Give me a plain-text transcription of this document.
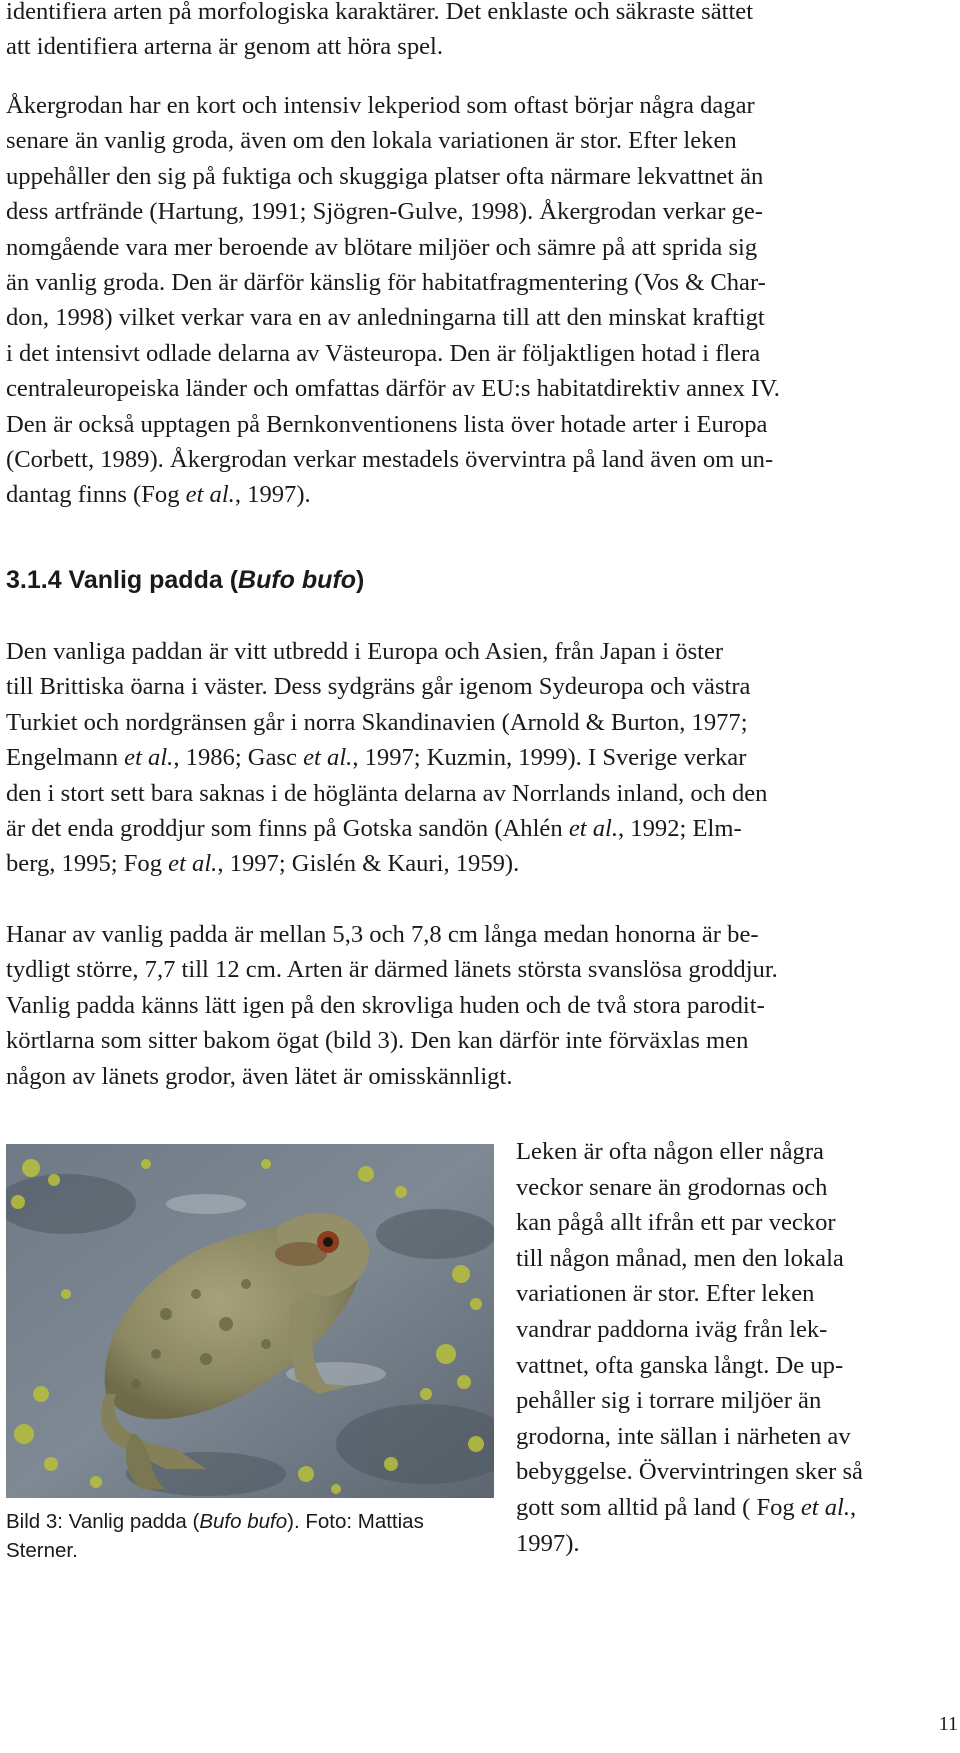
identifiera arten på morfologiska karaktärer. Det enklaste och säkraste sättet
att identifiera arterna är genom att höra spel.

Åkergrodan har en kort och intensiv lekperiod som oftast börjar några dagar
senare än vanlig groda, även om den lokala variationen är stor. Efter leken
uppehåller den sig på fuktiga och skuggiga platser ofta närmare lekvattnet än
dess artfrände (Hartung, 1991; Sjögren-Gulve, 1998). Åkergrodan verkar ge-
nomgående vara mer beroende av blötare miljöer och sämre på att sprida sig
än vanlig groda. Den är därför känslig för habitatfragmentering (Vos & Char-
don, 1998) vilket verkar vara en av anledningarna till att den minskat kraftigt
i det intensivt odlade delarna av Västeuropa. Den är följaktligen hotad i flera
centraleuropeiska länder och omfattas därför av EU:s habitatdirektiv annex IV.
Den är också upptagen på Bernkonventionens lista över hotade arter i Europa
(Corbett, 1989). Åkergrodan verkar mestadels övervintra på land även om un-
dantag finns (Fog et al., 1997).

3.1.4 Vanlig padda (Bufo bufo)

Den vanliga paddan är vitt utbredd i Europa och Asien, från Japan i öster
till Brittiska öarna i väster. Dess sydgräns går igenom Sydeuropa och västra
Turkiet och nordgränsen går i norra Skandinavien (Arnold & Burton, 1977;
Engelmann et al., 1986; Gasc et al., 1997; Kuzmin, 1999). I Sverige verkar
den i stort sett bara saknas i de höglänta delarna av Norrlands inland, och den
är det enda groddjur som finns på Gotska sandön (Ahlén et al., 1992; Elm-
berg, 1995; Fog et al., 1997; Gislén & Kauri, 1959).

Hanar av vanlig padda är mellan 5,3 och 7,8 cm långa medan honorna är be-
tydligt större, 7,7 till 12 cm. Arten är därmed länets största svanslösa groddjur.
Vanlig padda känns lätt igen på den skrovliga huden och de två stora parodit-
körtlarna som sitter bakom ögat (bild 3). Den kan därför inte förväxlas men
någon av länets grodor, även lätet är omisskännligt.

Bild 3: Vanlig padda (Bufo bufo). Foto: Mattias
Sterner.

Leken är ofta någon eller några
veckor senare än grodornas och
kan pågå allt ifrån ett par veckor
till någon månad, men den lokala
variationen är stor. Efter leken
vandrar paddorna iväg från lek-
vattnet, ofta ganska långt. De up-
pehåller sig i torrare miljöer än
grodorna, inte sällan i närheten av
bebyggelse. Övervintringen sker så
gott som alltid på land ( Fog et al.,
1997).

11
